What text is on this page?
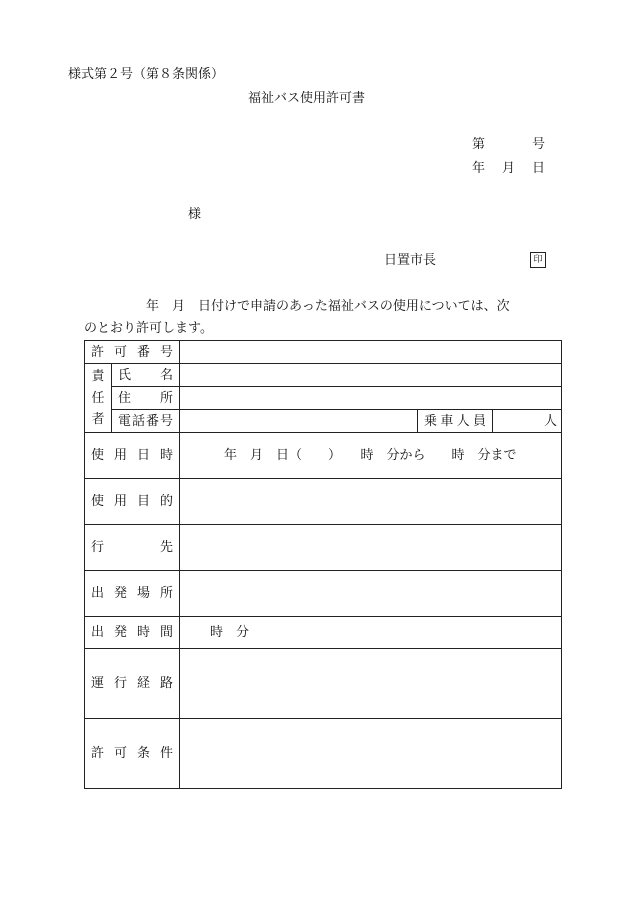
様式第２号（第８条関係）
福祉バス使用許可書
第	号
年 月 日
様
日置市長	印
年　月　日付けで申請のあった福祉バスの使用については、次
のとおり許可します。
許可番号				

責
任
者	氏名			
	住所			
	電話番号		乗車人員	人
使用日時		年　月　日（　　）　　時　分から　　時　分まで		
使用目的				
行先				
出発場所				
出発時間		時　分		
運行経路				
許可条件				
